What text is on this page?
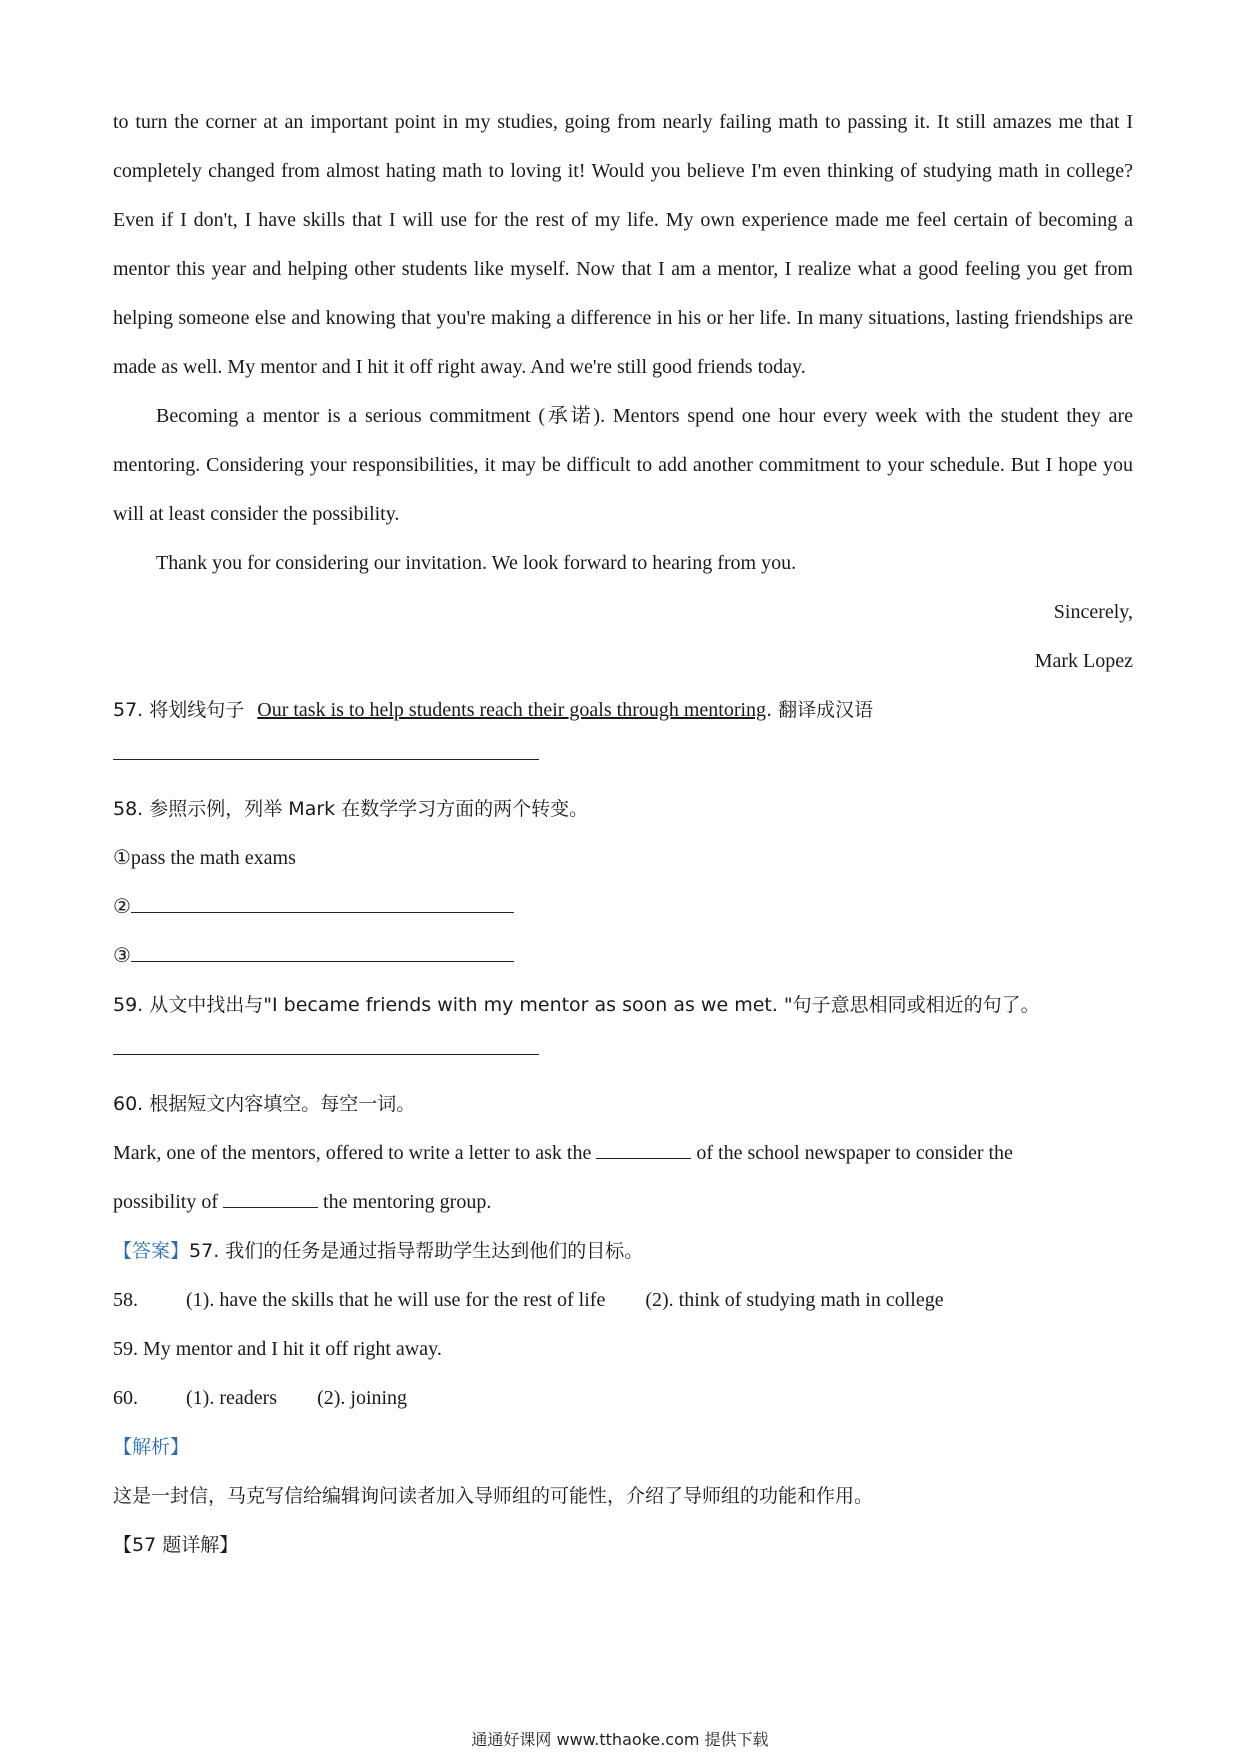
to turn the corner at an important point in my studies, going from nearly failing math to passing it. It still amazes me that I completely changed from almost hating math to loving it! Would you believe I'm even thinking of studying math in college? Even if I don't, I have skills that I will use for the rest of my life. My own experience made me feel certain of becoming a mentor this year and helping other students like myself. Now that I am a mentor, I realize what a good feeling you get from helping someone else and knowing that you're making a difference in his or her life. In many situations, lasting friendships are made as well. My mentor and I hit it off right away. And we're still good friends today.

Becoming a mentor is a serious commitment (承诺). Mentors spend one hour every week with the student they are mentoring. Considering your responsibilities, it may be difficult to add another commitment to your schedule. But I hope you will at least consider the possibility.

Thank you for considering our invitation. We look forward to hearing from you.

Sincerely,

Mark Lopez

57. 将划线句子 Our task is to help students reach their goals through mentoring. 翻译成汉语

58. 参照示例，列举 Mark 在数学学习方面的两个转变。

①pass the math exams

②

③

59. 从文中找出与"I became friends with my mentor as soon as we met. "句子意思相同或相近的句了。

60. 根据短文内容填空。每空一词。

Mark, one of the mentors, offered to write a letter to ask the	of the school newspaper to consider the

possibility of	the mentoring group.

【答案】57. 我们的任务是通过指导帮助学生达到他们的目标。

58. (1). have the skills that he will use for the rest of life (2). think of studying math in college

59. My mentor and I hit it off right away.

60. (1). readers (2). joining

【解析】

这是一封信，马克写信给编辑询问读者加入导师组的可能性，介绍了导师组的功能和作用。

【57 题详解】

通通好课网 www.tthaoke.com 提供下载
